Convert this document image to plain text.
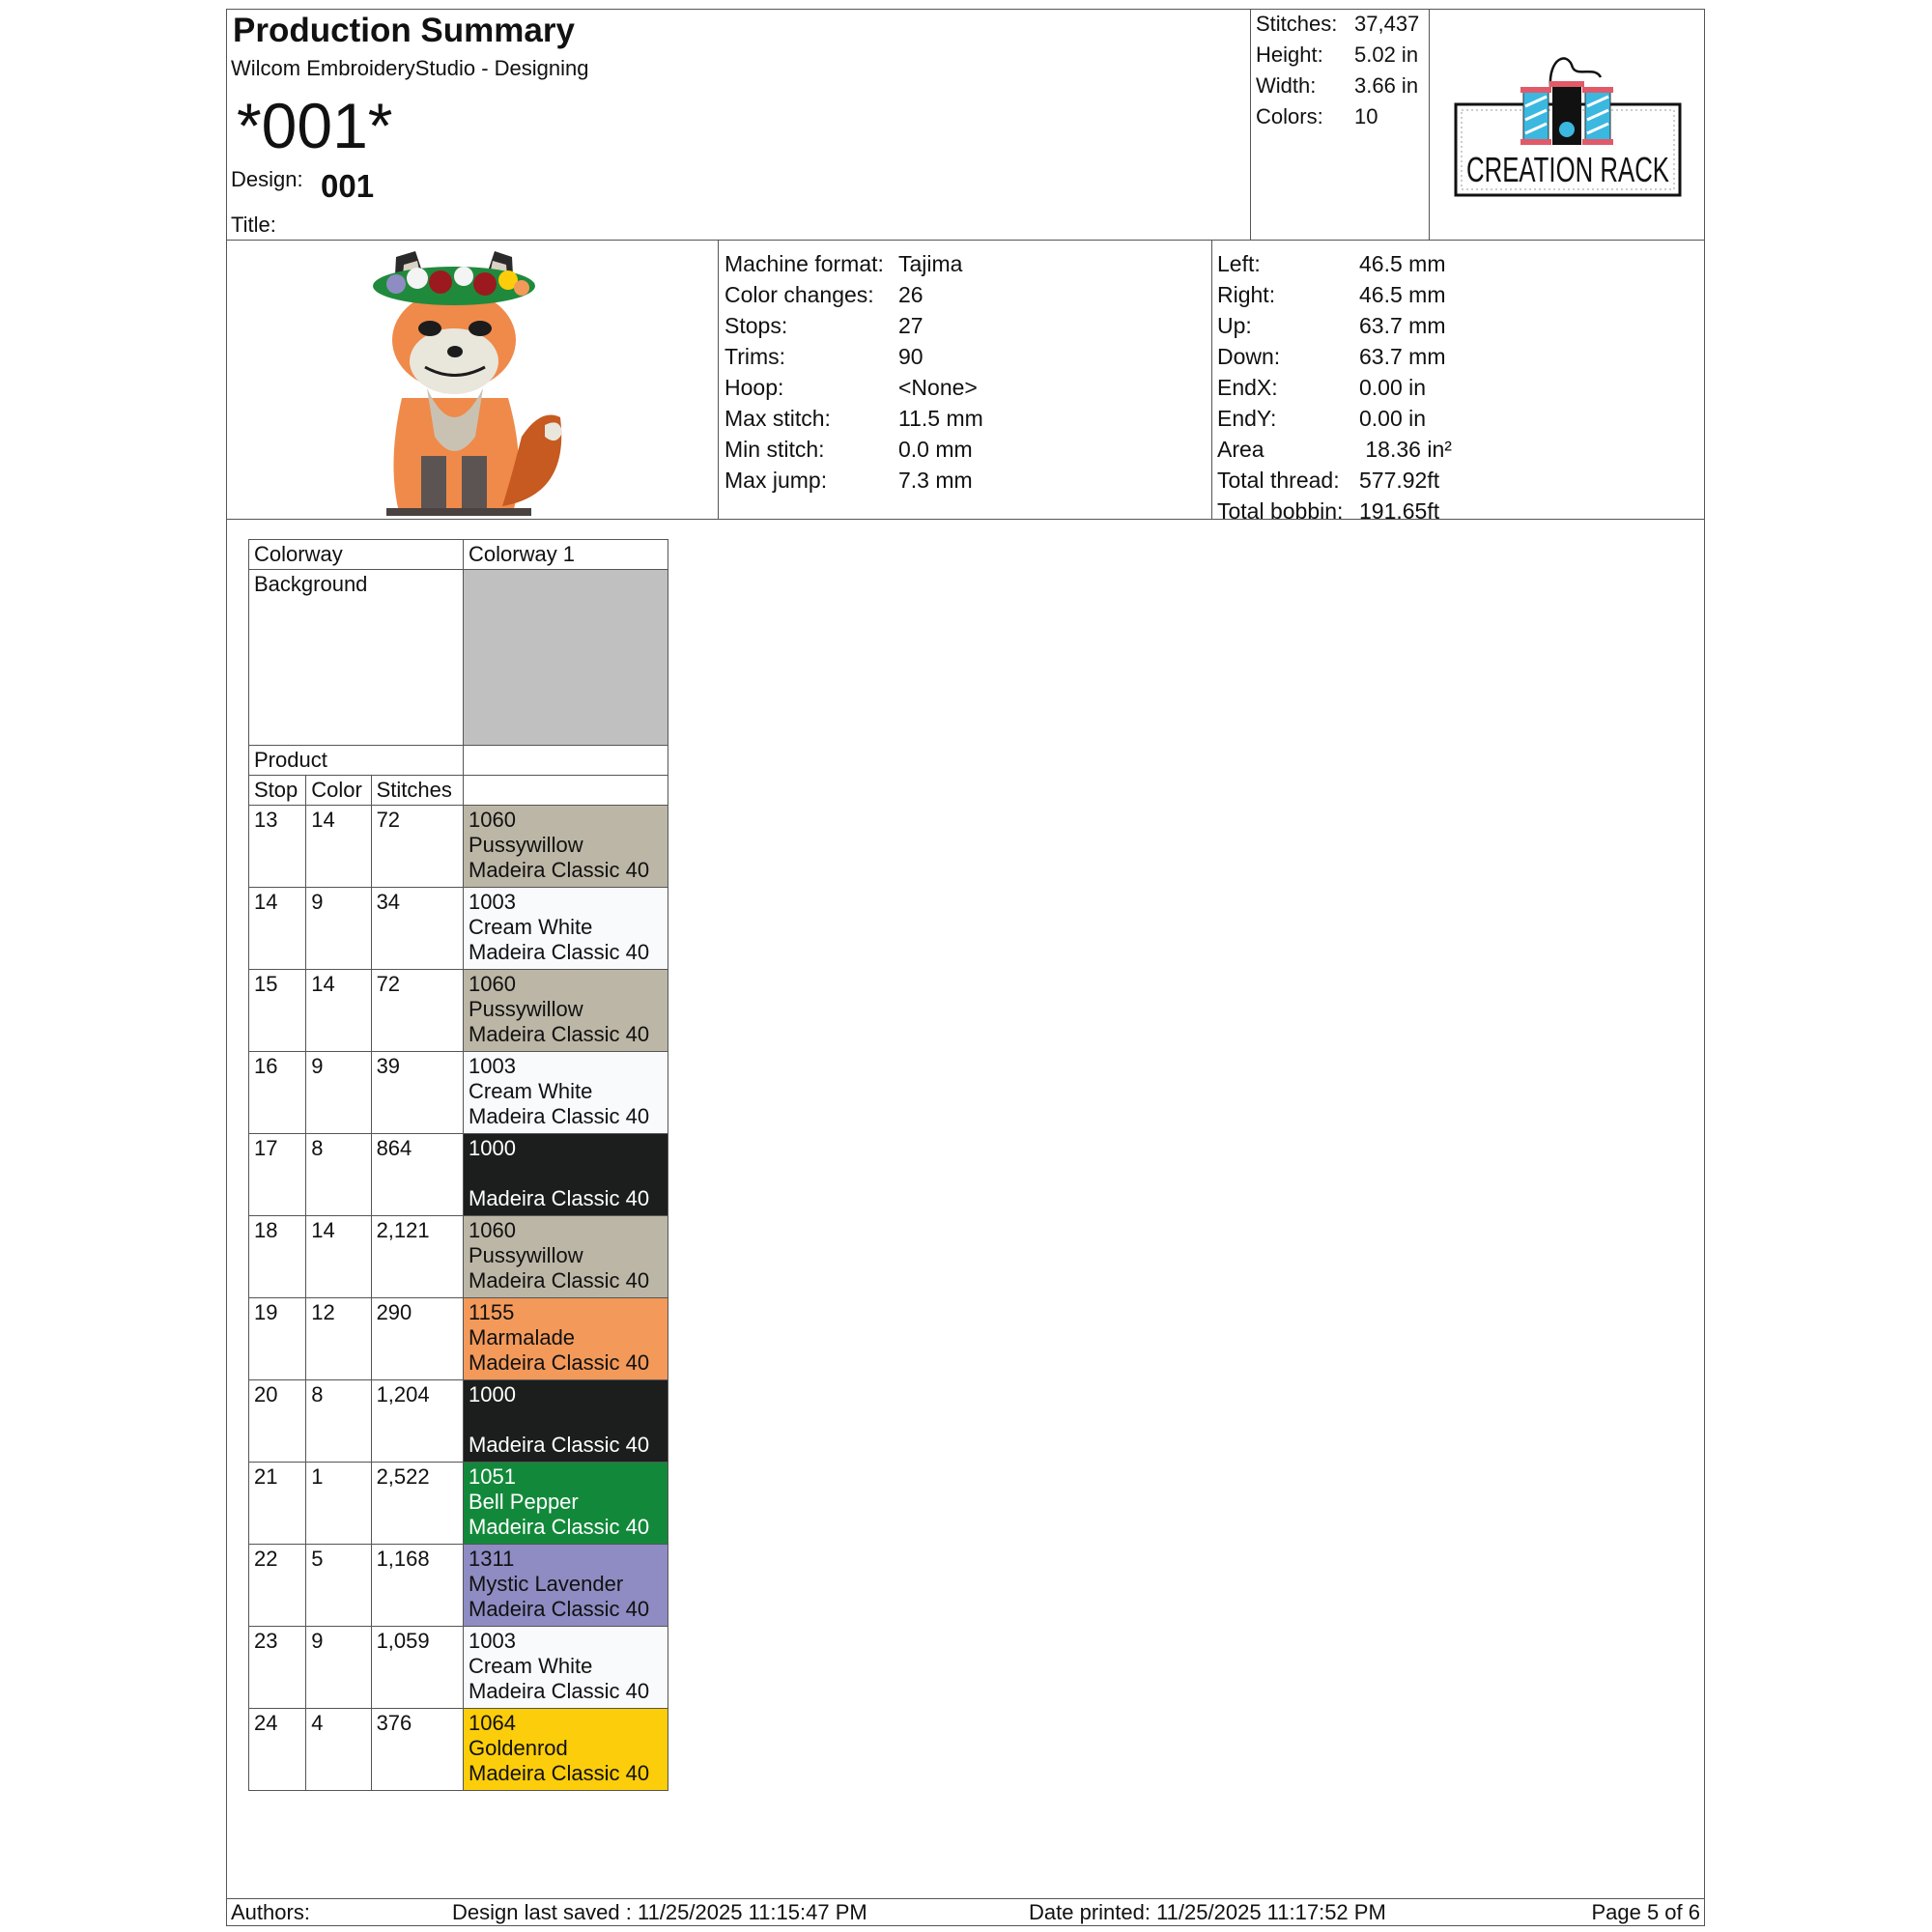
Production Summary
Wilcom EmbroideryStudio - Designing
*001*
Design: 001
Title:
Stitches: 37,437
Height: 5.02 in
Width: 3.66 in
Colors: 10
CREATION RACK
Machine format: Tajima
Color changes: 26
Stops:	27
Trims:	90
Hoop:	<None>
Max stitch:	11.5 mm
Min stitch:	0.0 mm
Max jump:	7.3 mm
Left:	46.5 mm
Right:	46.5 mm
Up:	63.7 mm
Down:	63.7 mm
EndX:	0.00 in
EndY:	0.00 in
Area	18.36 in²
Total thread: 577.92ft
Total bobbin: 191.65ft
Colorway			Colorway 1
Background			
Product			
Stop	Color	Stitches	
13	14	72	1060
Pussywillow
Madeira Classic 40

14	9	34	1003
Cream White
Madeira Classic 40

15	14	72	1060
Pussywillow
Madeira Classic 40

16	9	39	1003
Cream White
Madeira Classic 40

17	8	864	1000
Madeira Classic 40

18	14	2,121	1060
Pussywillow
Madeira Classic 40

19	12	290	1155
Marmalade
Madeira Classic 40

20	8	1,204	1000
Madeira Classic 40

21	1	2,522	1051
Bell Pepper
Madeira Classic 40

22	5	1,168	1311
Mystic Lavender
Madeira Classic 40

23	9	1,059	1003
Cream White
Madeira Classic 40

24	4	376	1064
Goldenrod
Madeira Classic 40
Authors:	Design last saved : 11/25/2025 11:15:47 PM	Date printed: 11/25/2025 11:17:52 PM	Page 5 of 6
